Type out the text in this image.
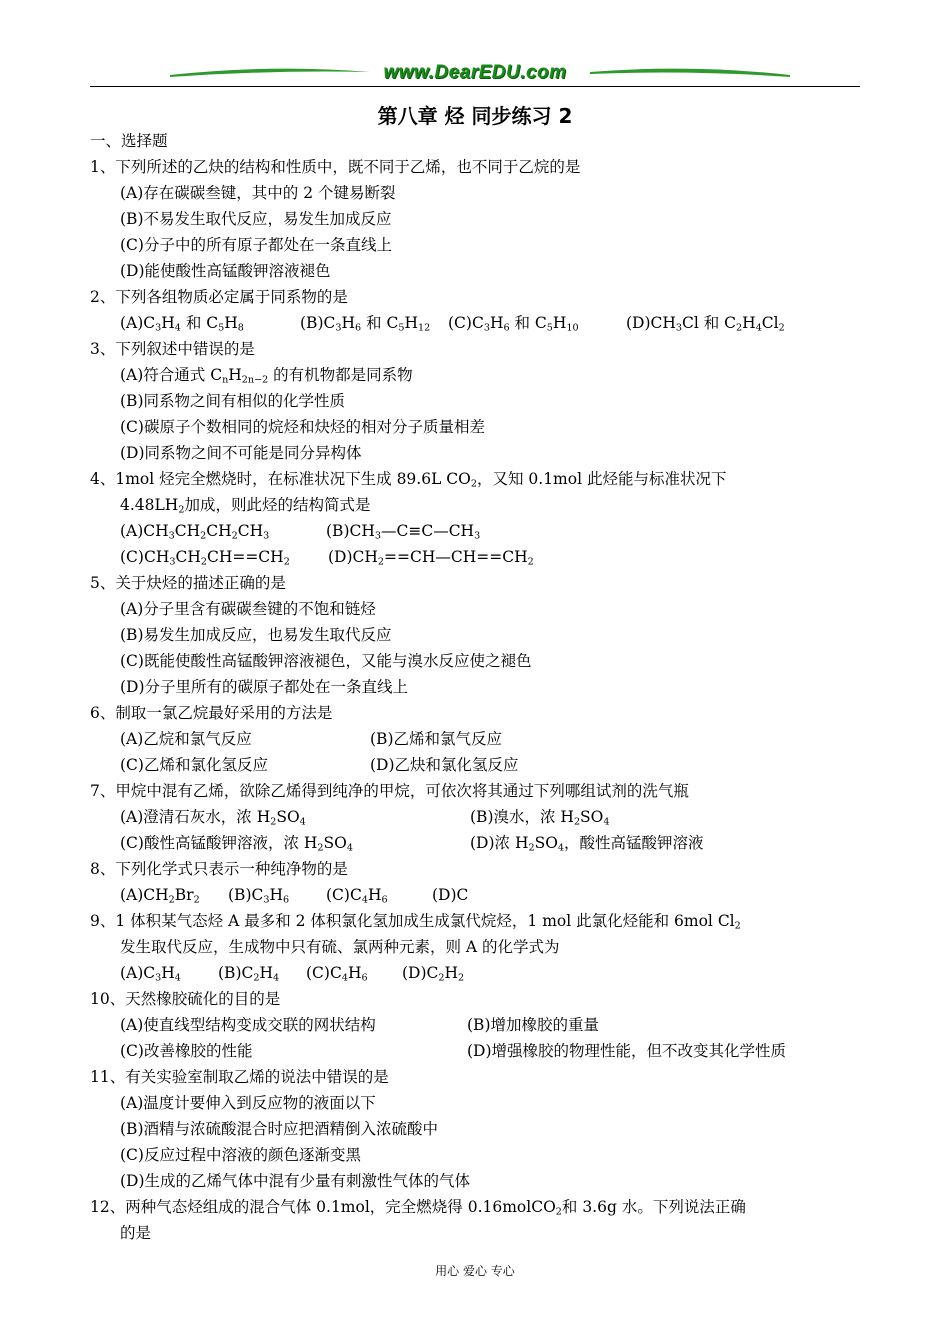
www.DearEDU.com
第八章 烃 同步练习 2
一、选择题
1、下列所述的乙炔的结构和性质中，既不同于乙烯，也不同于乙烷的是
(A)存在碳碳叁键，其中的 2 个键易断裂
(B)不易发生取代反应，易发生加成反应
(C)分子中的所有原子都处在一条直线上
(D)能使酸性高锰酸钾溶液褪色
2、下列各组物质必定属于同系物的是
$(A)C_3H_4$ 和 $C_5H_8$	$(B)C_3H_6$ 和 $C_5H_{12}$ $(C)C_3H_6$ 和 $C_5H_{10}$	$(D)CH_3Cl$ 和 $C_2H_4Cl_2$
3、下列叙述中错误的是
(A)符合通式 $C_nH_{2n-2}$ 的有机物都是同系物
(B)同系物之间有相似的化学性质
(C)碳原子个数相同的烷烃和炔烃的相对分子质量相差
(D)同系物之间不可能是同分异构体
4、1mol 烃完全燃烧时，在标准状况下生成 89.6L $CO_2$，又知 0.1mol 此烃能与标准状况下
$4.48LH_2$加成，则此烃的结构简式是
$(A)CH_3CH_2CH_2CH_3$	$(B)CH_3—C\equiv C—CH_3$
$(C)CH_3CH_2CH==CH_2$ $(D)CH_2==CH—CH==CH_2$
5、关于炔烃的描述正确的是
(A)分子里含有碳碳叁键的不饱和链烃
(B)易发生加成反应，也易发生取代反应
(C)既能使酸性高锰酸钾溶液褪色，又能与溴水反应使之褪色
(D)分子里所有的碳原子都处在一条直线上
6、制取一氯乙烷最好采用的方法是
(A)乙烷和氯气反应	(B)乙烯和氯气反应
(C)乙烯和氯化氢反应	(D)乙炔和氯化氢反应
7、甲烷中混有乙烯，欲除乙烯得到纯净的甲烷，可依次将其通过下列哪组试剂的洗气瓶
(A)澄清石灰水，浓 $H_2SO_4$	(B)溴水，浓 $H_2SO_4$
(C)酸性高锰酸钾溶液，浓 $H_2SO_4$	(D)浓 $H_2SO_4$，酸性高锰酸钾溶液
8、下列化学式只表示一种纯净物的是
$(A)CH_2Br_2$ $(B)C_3H_6$ $(C)C_4H_6$	(D)C
9、1 体积某气态烃 A 最多和 2 体积氯化氢加成生成氯代烷烃，1 mol 此氯化烃能和 6mol $Cl_2$
发生取代反应，生成物中只有硫、氯两种元素，则 A 的化学式为
$(A)C_3H_4$ $(B)C_2H_4$ $(C)C_4H_6$ $(D)C_2H_2$
10、天然橡胶硫化的目的是
(A)使直线型结构变成交联的网状结构	(B)增加橡胶的重量
(C)改善橡胶的性能	(D)增强橡胶的物理性能，但不改变其化学性质
11、有关实验室制取乙烯的说法中错误的是
(A)温度计要伸入到反应物的液面以下
(B)酒精与浓硫酸混合时应把酒精倒入浓硫酸中
(C)反应过程中溶液的颜色逐渐变黑
(D)生成的乙烯气体中混有少量有刺激性气体的气体
12、两种气态烃组成的混合气体 0.1mol，完全燃烧得 0.16molCO$_2$和 3.6g 水。下列说法正确
的是
用心 爱心 专心
